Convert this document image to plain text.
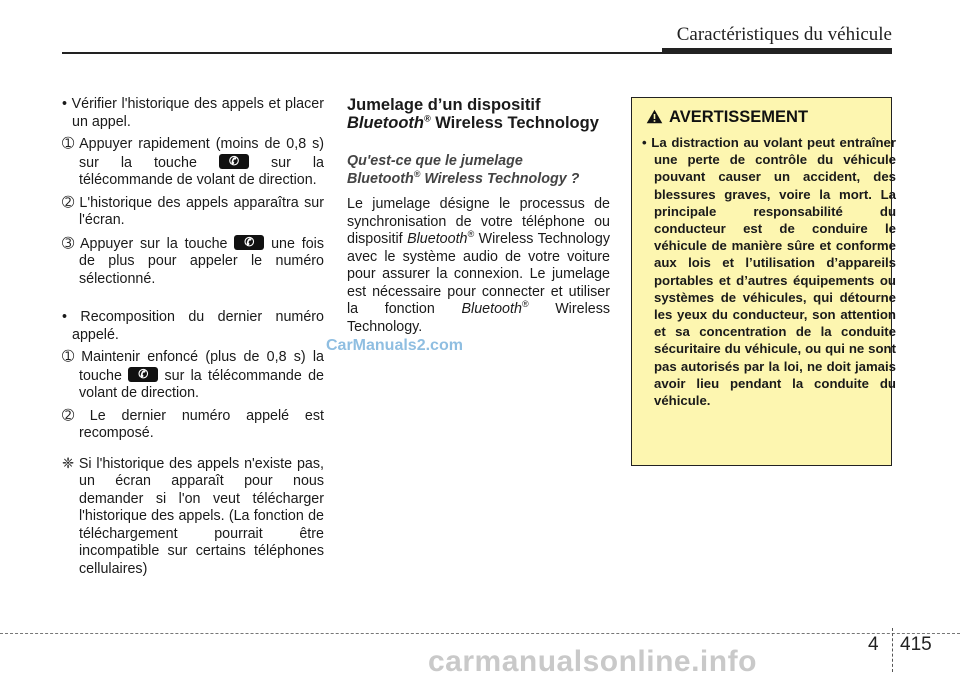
Caractéristiques du véhicule

• Vérifier l'historique des appels et placer un appel.

➀ Appuyer rapidement (moins de 0,8 s) sur la touche	✆	sur la télécommande de volant de direction.

➁ L'historique des appels apparaîtra sur l'écran.

➂ Appuyer sur la touche	✆	une fois de plus pour appeler le numéro sélectionné.

• Recomposition du dernier numéro appelé.

➀ Maintenir enfoncé (plus de 0,8 s) la touche	✆	sur la télécommande de volant de direction.

➁ Le dernier numéro appelé est recomposé.

❈ Si l'historique des appels n'existe pas, un écran apparaît pour nous demander si l'on veut télécharger l'historique des appels. (La fonction de téléchargement pourrait être incompatible sur certains téléphones cellulaires)

Jumelage d’un dispositif
Bluetooth® Wireless Technology
Qu'est-ce que le jumelage
Bluetooth® Wireless Technology ?

Le jumelage désigne le processus de synchronisation de votre téléphone ou dispositif Bluetooth® Wireless Technology avec le système audio de votre voiture pour assurer la connexion. Le jumelage est nécessaire pour connecter et utiliser la fonction Bluetooth® Wireless Technology.

AVERTISSEMENT
• La distraction au volant peut entraîner une perte de contrôle du véhicule pouvant causer un accident, des blessures graves, voire la mort. La principale responsabilité du conducteur est de conduire le véhicule de manière sûre et conforme aux lois et l’utilisation d’appareils portables et d’autres équipements ou systèmes de véhicules, qui détourne les yeux du conducteur, son attention et sa concentration de la conduite sécuritaire du véhicule, ou qui ne sont pas autorisés par la loi, ne doit jamais avoir lieu pendant la conduite du véhicule.
CarManuals2.com
4 415
carmanualsonline.info
